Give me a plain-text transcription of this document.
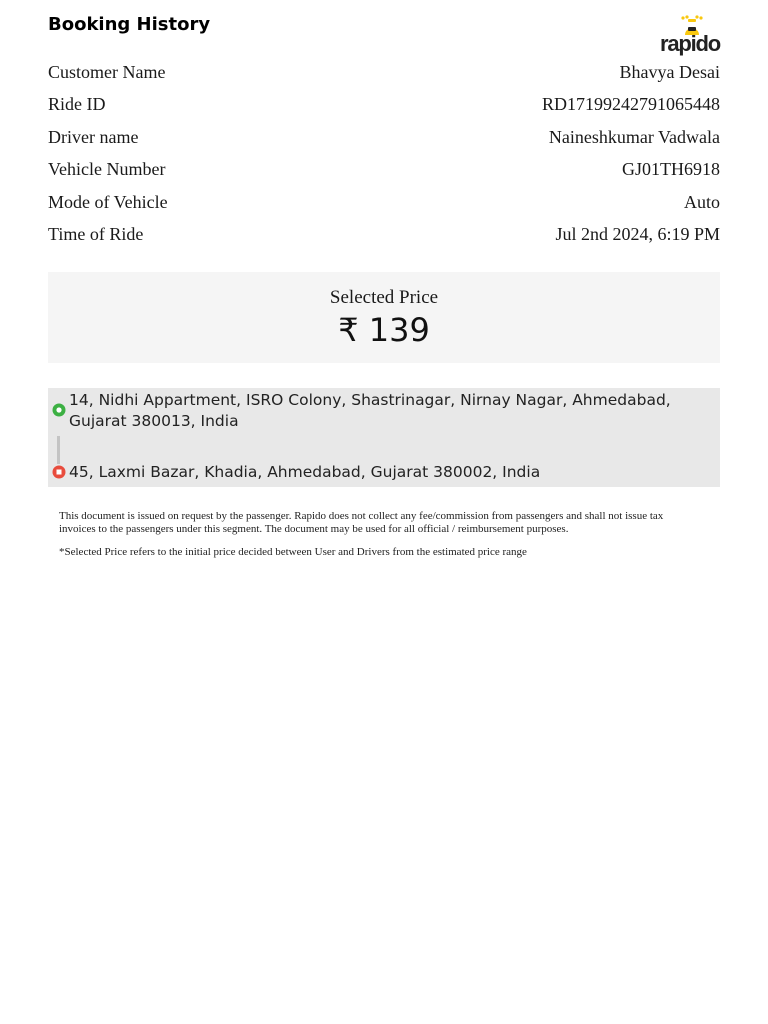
Booking History
rapido
Customer Name	Bhavya Desai
Ride ID	RD17199242791065448
Driver name	Naineshkumar Vadwala
Vehicle Number	GJ01TH6918
Mode of Vehicle	Auto
Time of Ride	Jul 2nd 2024, 6:19 PM
Selected Price
₹ 139
14, Nidhi Appartment, ISRO Colony, Shastrinagar, Nirnay Nagar, Ahmedabad, Gujarat 380013, India
45, Laxmi Bazar, Khadia, Ahmedabad, Gujarat 380002, India

This document is issued on request by the passenger. Rapido does not collect any fee/commission from passengers and shall not issue tax invoices to the passengers under this segment. The document may be used for all official / reimbursement purposes.

*Selected Price refers to the initial price decided between User and Drivers from the estimated price range
